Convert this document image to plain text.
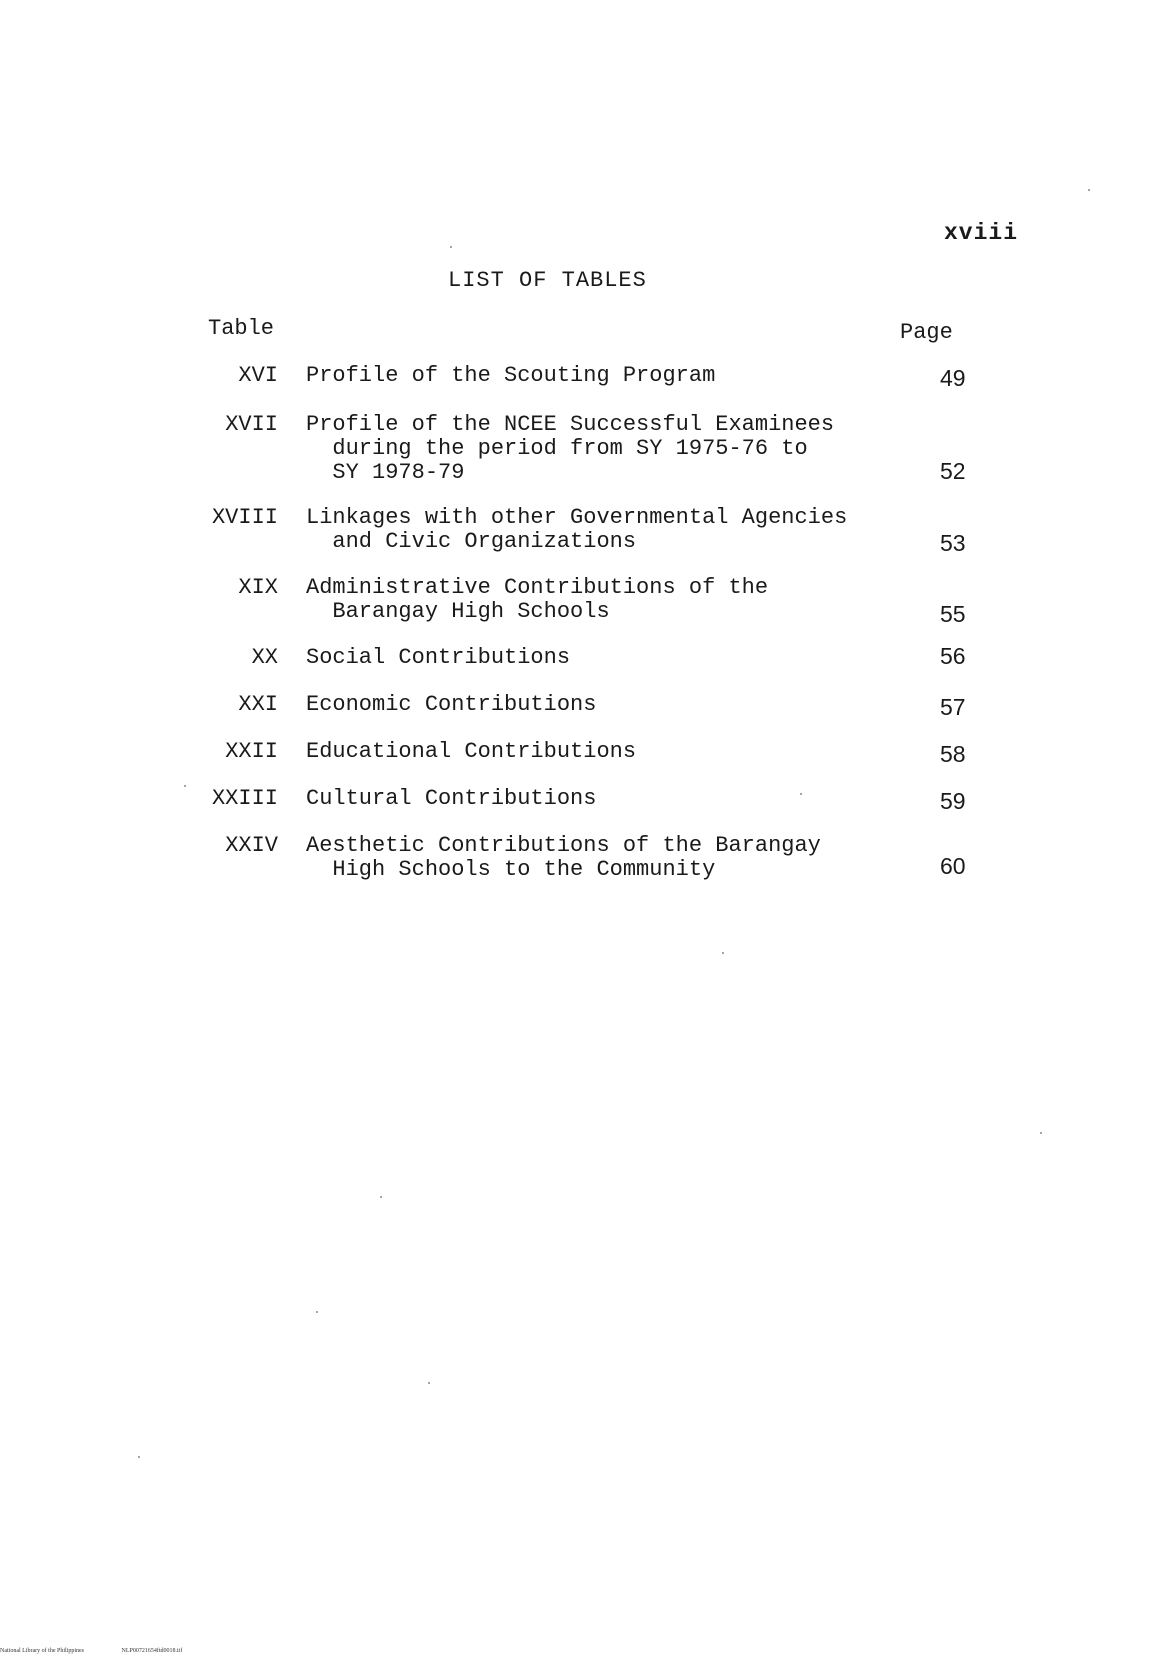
xviii
LIST OF TABLES
Table	Page
XVI Profile of the Scouting Program	49
XVII Profile of the NCEE Successful Examinees
during the period from SY 1975-76 to
SY 1978-79	52
XVIII Linkages with other Governmental Agencies
and Civic Organizations	53
XIX Administrative Contributions of the
Barangay High Schools	55
XX Social Contributions	56
XXI Economic Contributions	57
XXII Educational Contributions	58
XXIII Cultural Contributions	59
XXIV Aesthetic Contributions of the Barangay
High Schools to the Community	60
National Library of the Philippines	NLP00721654ftd0018.tif
